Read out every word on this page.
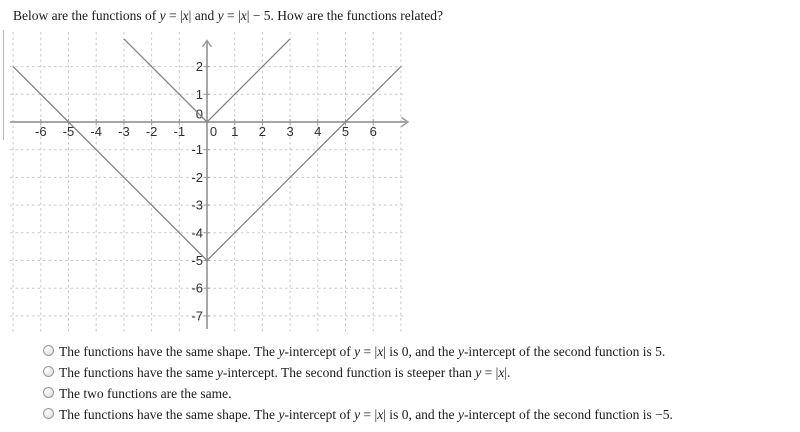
Below are the functions of y = |x| and y = |x| − 5. How are the functions related?
-6 -5 -4 -3 -2 -1 0 1 2 3 4 5 6
2
1
0
-1
-2
-3
-4
-5
-6
-7
The functions have the same shape. The y-intercept of y = |x| is 0, and the y-intercept of the second function is 5.
The functions have the same y-intercept. The second function is steeper than y = |x|.
The two functions are the same.
The functions have the same shape. The y-intercept of y = |x| is 0, and the y-intercept of the second function is −5.
